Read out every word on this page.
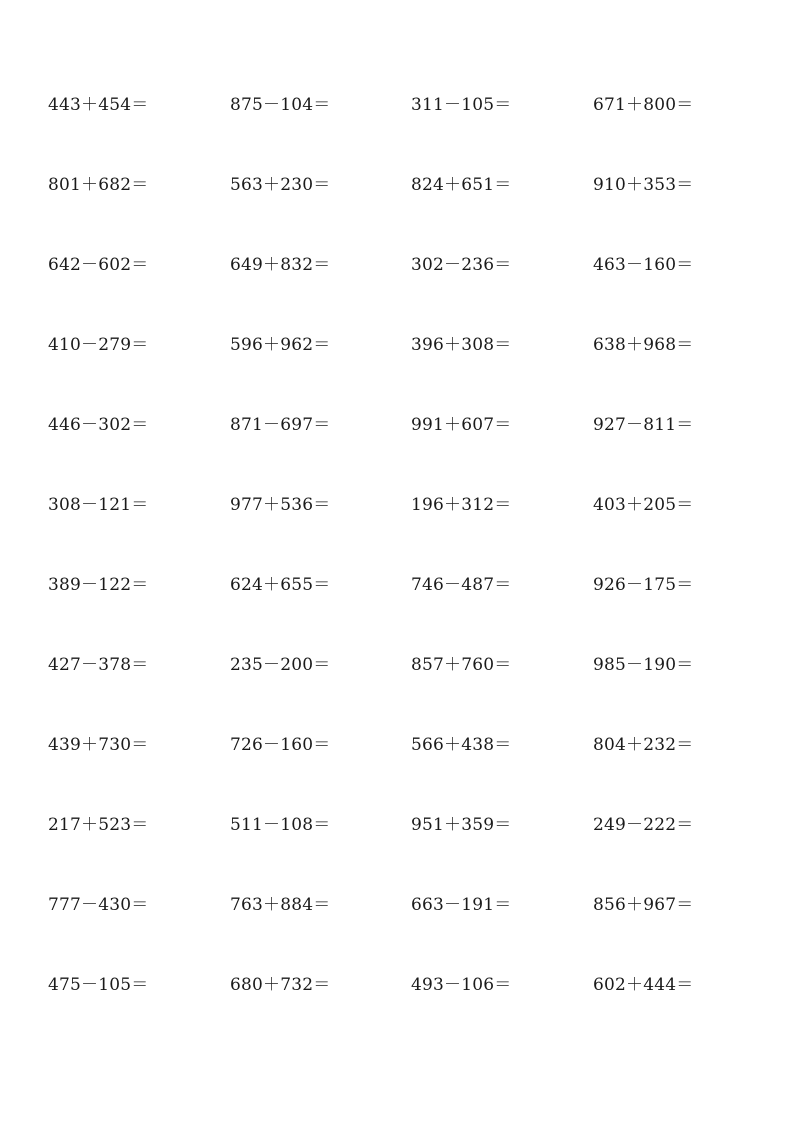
443＋454＝	875－104＝	311－105＝	671＋800＝
801＋682＝	563＋230＝	824＋651＝	910＋353＝
642－602＝	649＋832＝	302－236＝	463－160＝
410－279＝	596＋962＝	396＋308＝	638＋968＝
446－302＝	871－697＝	991＋607＝	927－811＝
308－121＝	977＋536＝	196＋312＝	403＋205＝
389－122＝	624＋655＝	746－487＝	926－175＝
427－378＝	235－200＝	857＋760＝	985－190＝
439＋730＝	726－160＝	566＋438＝	804＋232＝
217＋523＝	511－108＝	951＋359＝	249－222＝
777－430＝	763＋884＝	663－191＝	856＋967＝
475－105＝	680＋732＝	493－106＝	602＋444＝
